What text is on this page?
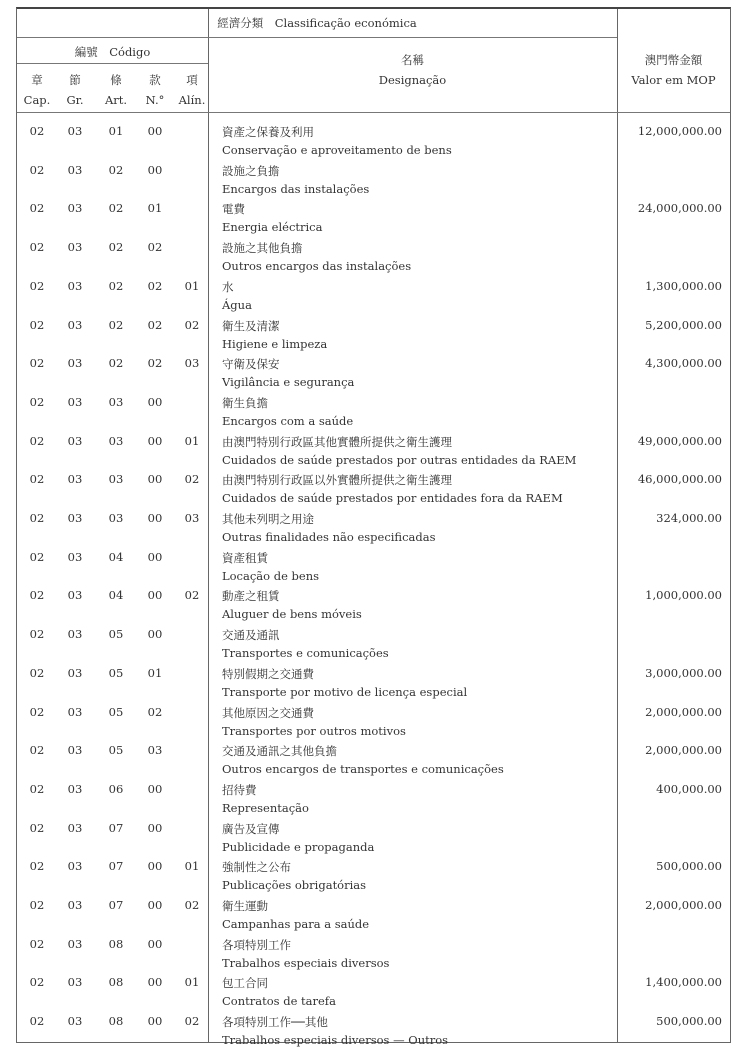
經濟分類　Classificação económica
編號　Código
名稱
Designação
澳門幣金額
Valor em MOP
章
Cap.
節
Gr.
條
Art.
款
N.°
項
Alín.
02	03	01	00	資產之保養及利用
Conservação e aproveitamento de bens
12,000,000.00
02	03	02	00	設施之負擔
Encargos das instalações
02	03	02	01	電費
Energia eléctrica
24,000,000.00
02	03	02	02	設施之其他負擔
Outros encargos das instalações
02	03	02	02	01	水
Água
1,300,000.00
02	03	02	02	02	衛生及清潔
Higiene e limpeza
5,200,000.00
02	03	02	02	03	守衛及保安
Vigilância e segurança
4,300,000.00
02	03	03	00	衛生負擔
Encargos com a saúde
02	03	03	00	01	由澳門特別行政區其他實體所提供之衛生護理
Cuidados de saúde prestados por outras entidades da RAEM
49,000,000.00
02	03	03	00	02	由澳門特別行政區以外實體所提供之衛生護理
Cuidados de saúde prestados por entidades fora da RAEM
46,000,000.00
02	03	03	00	03	其他未列明之用途
Outras finalidades não especificadas
324,000.00
02	03	04	00	資產租賃
Locação de bens
02	03	04	00	02	動產之租賃
Aluguer de bens móveis
1,000,000.00
02	03	05	00	交通及通訊
Transportes e comunicações
02	03	05	01	特別假期之交通費
Transporte por motivo de licença especial
3,000,000.00
02	03	05	02	其他原因之交通費
Transportes por outros motivos
2,000,000.00
02	03	05	03	交通及通訊之其他負擔
Outros encargos de transportes e comunicações
2,000,000.00
02	03	06	00	招待費
Representação
400,000.00
02	03	07	00	廣告及宣傳
Publicidade e propaganda
02	03	07	00	01	強制性之公布
Publicações obrigatórias
500,000.00
02	03	07	00	02	衛生運動
Campanhas para a saúde
2,000,000.00
02	03	08	00	各項特別工作
Trabalhos especiais diversos
02	03	08	00	01	包工合同
Contratos de tarefa
1,400,000.00
02	03	08	00	02	各項特別工作──其他
Trabalhos especiais diversos — Outros
500,000.00
